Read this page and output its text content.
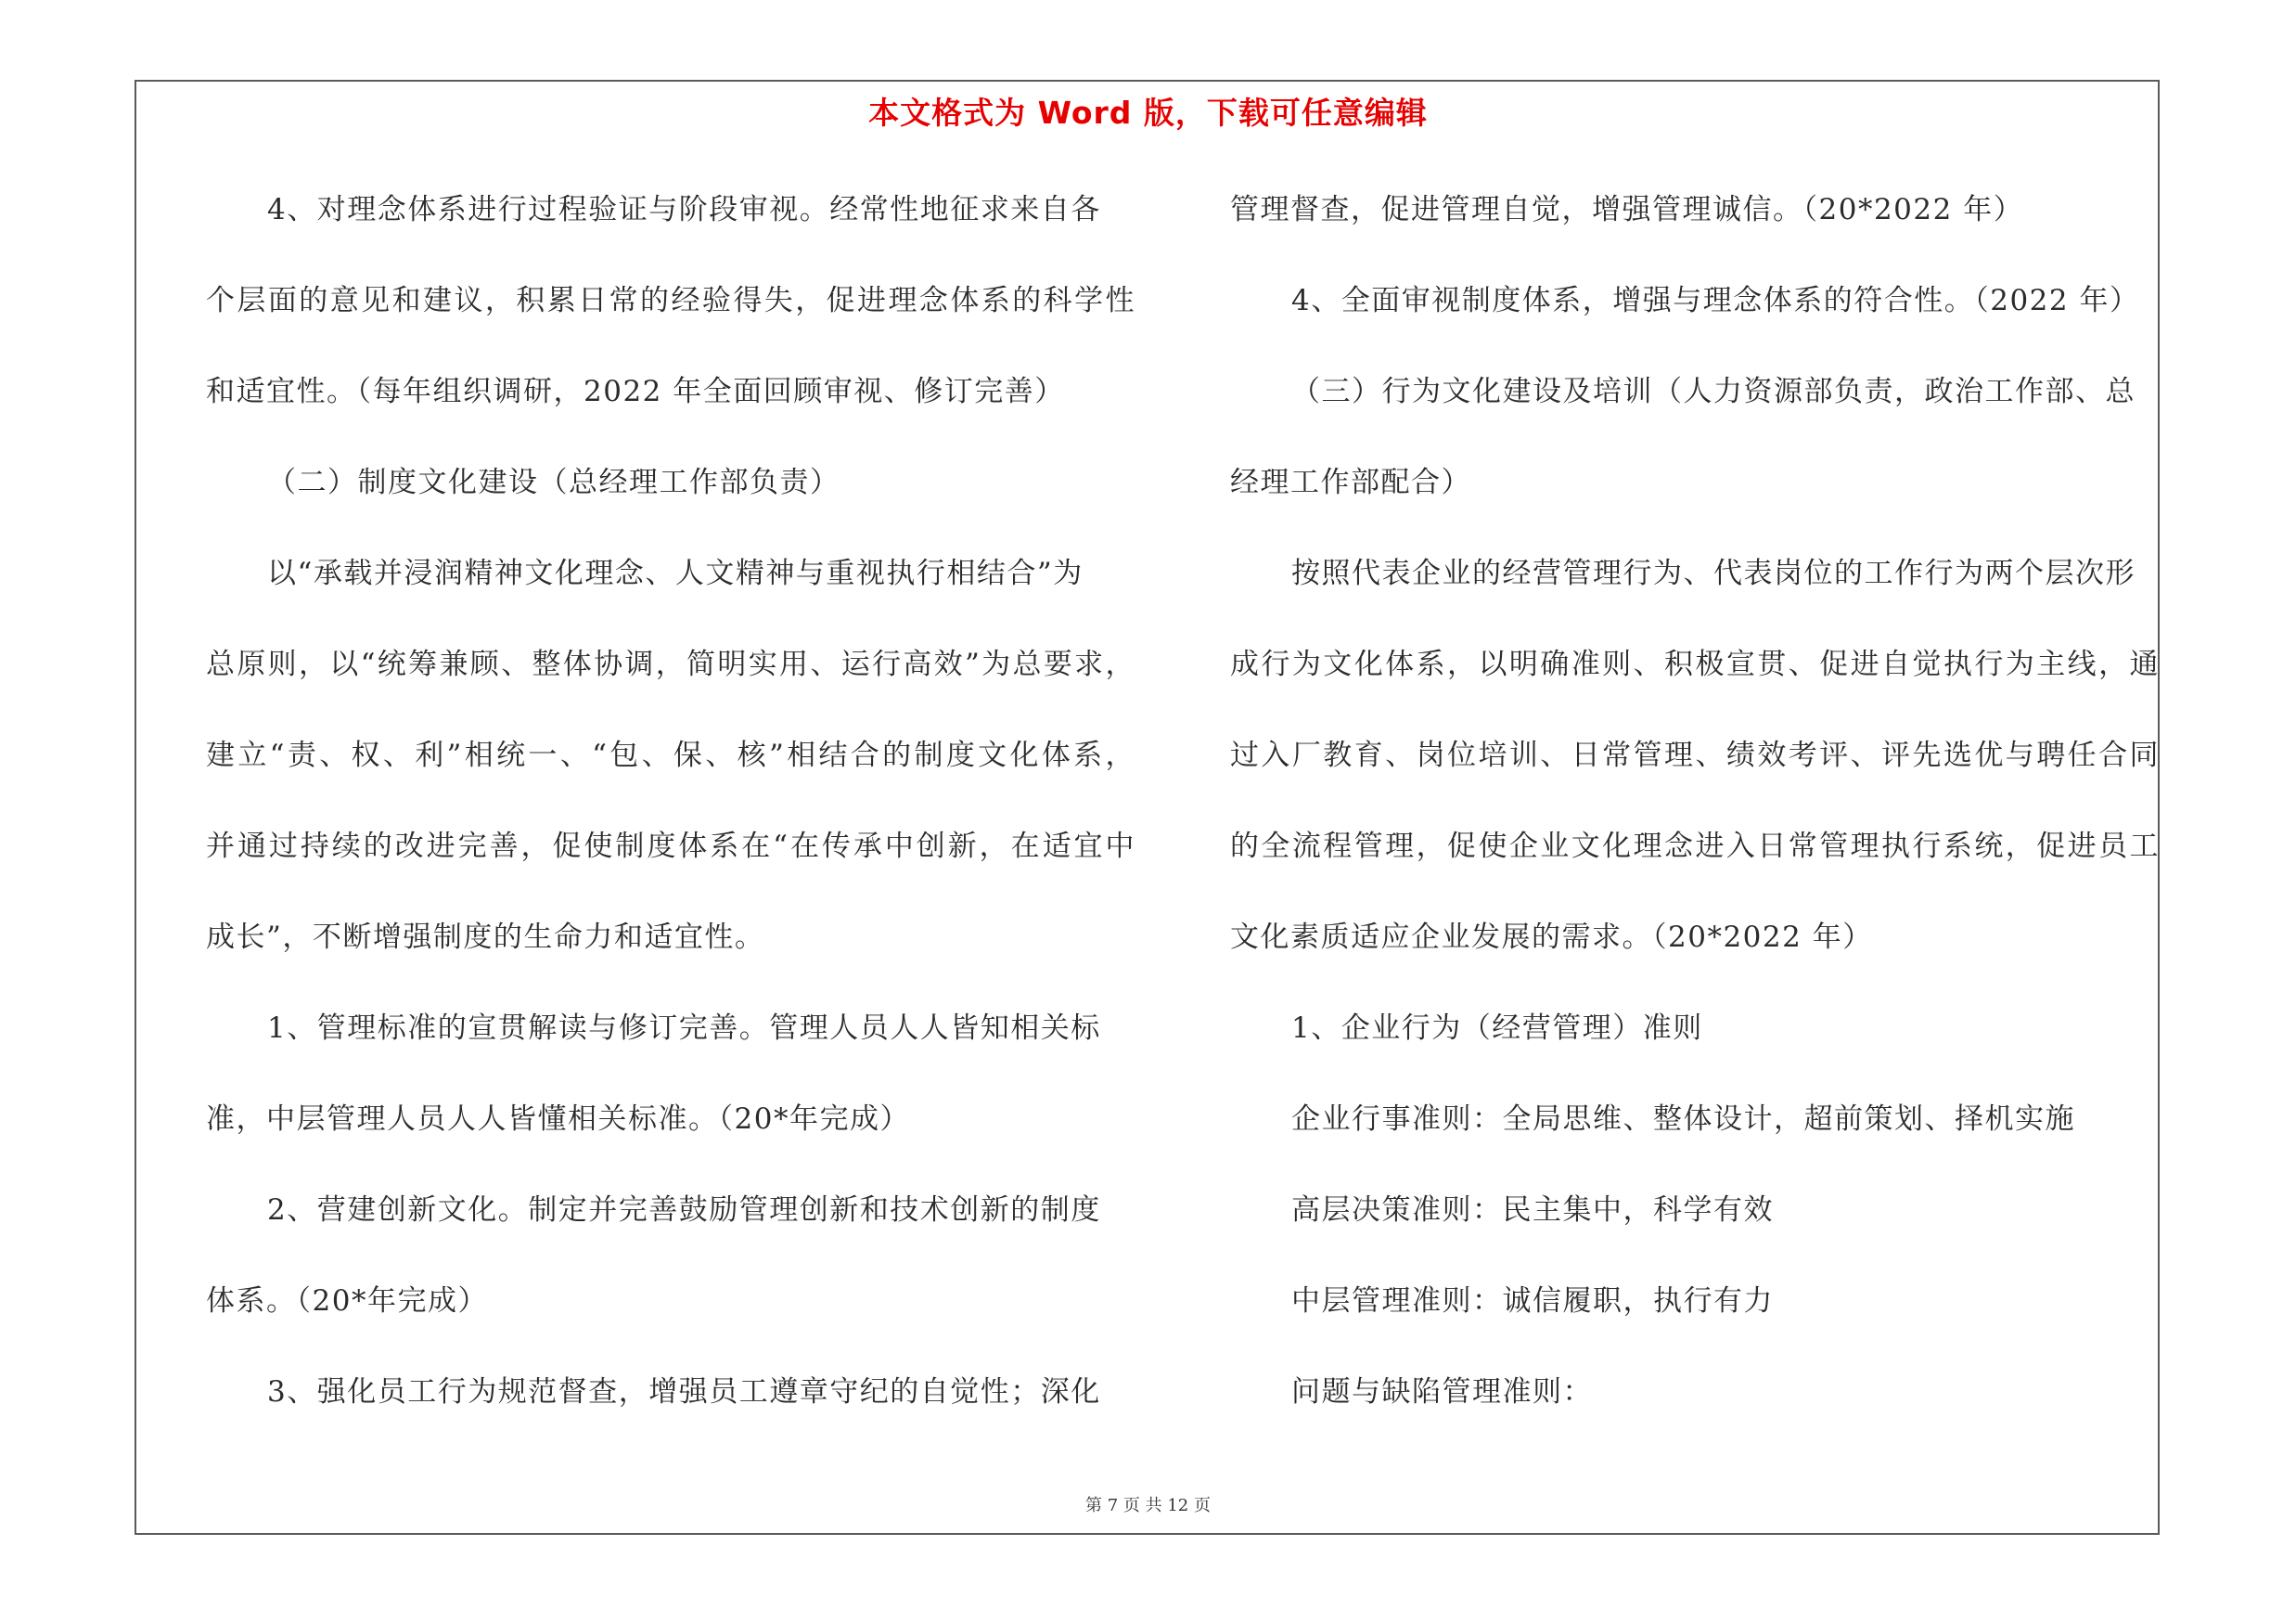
本文格式为 Word 版，下载可任意编辑
4、对理念体系进行过程验证与阶段审视。经常性地征求来自各
个层面的意见和建议，积累日常的经验得失，促进理念体系的科学性
和适宜性。（每年组织调研，2022 年全面回顾审视、修订完善）
（二）制度文化建设（总经理工作部负责）
以“承载并浸润精神文化理念、人文精神与重视执行相结合”为
总原则，以“统筹兼顾、整体协调，简明实用、运行高效”为总要求，
建立“责、权、利”相统一、“包、保、核”相结合的制度文化体系，
并通过持续的改进完善，促使制度体系在“在传承中创新，在适宜中
成长”，不断增强制度的生命力和适宜性。
1、管理标准的宣贯解读与修订完善。管理人员人人皆知相关标
准，中层管理人员人人皆懂相关标准。（20*年完成）
2、营建创新文化。制定并完善鼓励管理创新和技术创新的制度
体系。（20*年完成）
3、强化员工行为规范督查，增强员工遵章守纪的自觉性；深化
管理督查，促进管理自觉，增强管理诚信。（20*2022 年）
4、全面审视制度体系，增强与理念体系的符合性。（2022 年）
（三）行为文化建设及培训（人力资源部负责，政治工作部、总
经理工作部配合）
按照代表企业的经营管理行为、代表岗位的工作行为两个层次形
成行为文化体系，以明确准则、积极宣贯、促进自觉执行为主线，通
过入厂教育、岗位培训、日常管理、绩效考评、评先选优与聘任合同
的全流程管理，促使企业文化理念进入日常管理执行系统，促进员工
文化素质适应企业发展的需求。（20*2022 年）
1、企业行为（经营管理）准则
企业行事准则：全局思维、整体设计，超前策划、择机实施
高层决策准则：民主集中，科学有效
中层管理准则：诚信履职，执行有力
问题与缺陷管理准则：
第 7 页 共 12 页
